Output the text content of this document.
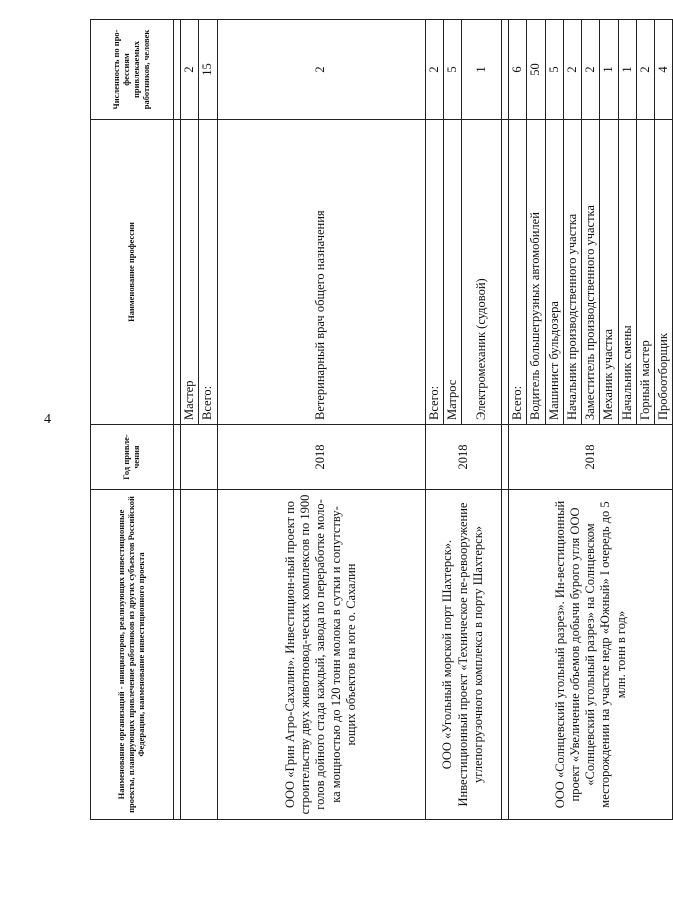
4
Наименование организаций - инициаторов, реализующих инвестиционные проекты, планирующих привлечение работников из других субъектов Российской Федерации, наименование инвестиционного проекта	Год привле-чения	Наименование профессии	Численность по про-фессиям привлекаемых работников, человек

		Мастер	2
		Всего:	15
ООО «Грин Агро-Сахалин». Инвестицион-ный проект по строительству двух животновод-ческих комплексов по 1900 голов дойного стада каждый, завода по переработке моло-ка мощностью до 120 тонн молока в сутки и сопутству-ющих объектов на юге о. Сахалин	2018	Ветеринарный врач общего назначения	2
ООО «Угольный морской порт Шахтерск». Инвестиционный проект «Техническое пе-ревооружение углепогрузочного комплекса в порту Шахтерск»	2018	Всего:	2
		Матрос	5
		Электромеханик (судовой)	1

ООО «Солнцевский угольный разрез». Ин-вестиционный проект «Увеличение объемов добычи бурого угля ООО «Солнцевский угольный разрез» на Солнцевском месторождении на участке недр «Южный» I очередь до 5 млн. тонн в год»	2018	Всего:	6
		Водитель большегрузных автомобилей	50
		Машинист бульдозера	5
		Начальник производственного участка	2
		Заместитель производственного участка	2
		Механик участка	1
		Начальник смены	1
		Горный мастер	2
		Пробоотборщик	4
